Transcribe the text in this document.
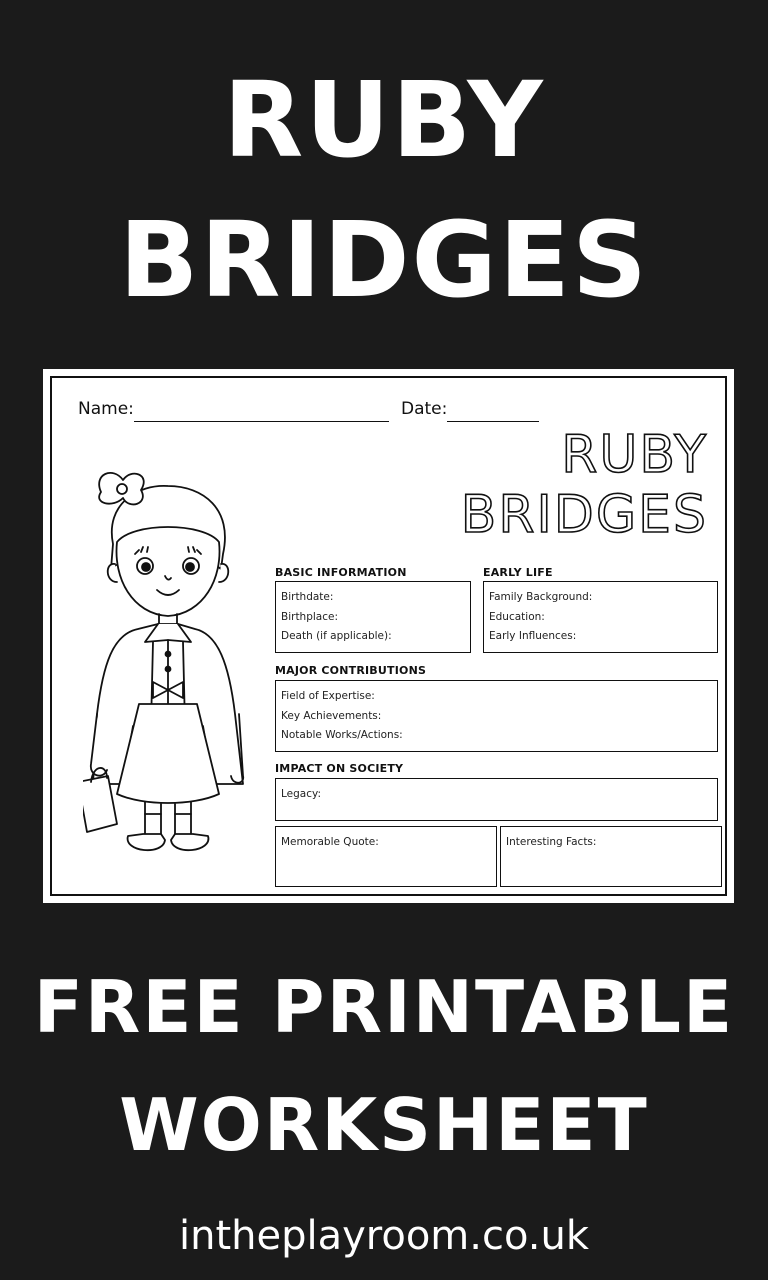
RUBY
BRIDGES
Name:	Date:
RUBY
BRIDGES
BASIC INFORMATION
Birthdate:
Birthplace:
Death (if applicable):
EARLY LIFE
Family Background:
Education:
Early Influences:
MAJOR CONTRIBUTIONS
Field of Expertise:
Key Achievements:
Notable Works/Actions:
IMPACT ON SOCIETY
Legacy:
Memorable Quote:	Interesting Facts:
FREE PRINTABLE
WORKSHEET
intheplayroom.co.uk
